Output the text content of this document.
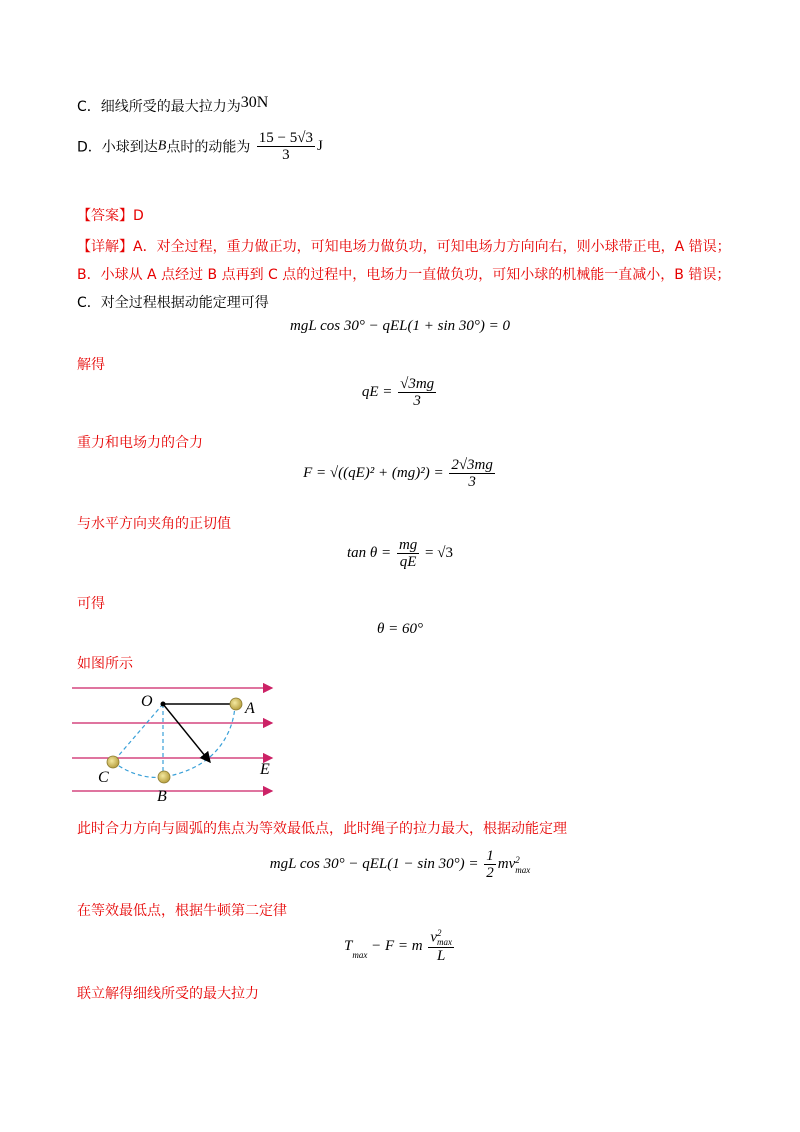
C．细线所受的最大拉力为30N
D．小球到达B点时的动能为 $\frac{15 - 5√3}{3}$ J
【答案】D
【详解】A．对全过程，重力做正功，可知电场力做负功，可知电场力方向向右，则小球带正电，A 错误；
B．小球从 A 点经过 B 点再到 C 点的过程中，电场力一直做负功，可知小球的机械能一直减小，B 错误；
C．对全过程根据动能定理可得
mgL cos 30° − qEL(1 + sin 30°) = 0
解得
qE = $\frac{√3mg}{3}$
重力和电场力的合力
$F = √((qE)^2 + (mg)^2) = \frac{2√3mg}{3}$
与水平方向夹角的正切值
$\tan \theta = \frac{mg}{qE} = √3$
可得
θ = 60°
如图所示
O	A
B
C	E
此时合力方向与圆弧的焦点为等效最低点，此时绳子的拉力最大，根据动能定理
mgL $\cos 30^\circ - qEL(1 - \sin 30^\circ) = \frac{1}{2}$ mv 2
max
在等效最低点，根据牛顿第二定律
$T_{max} - F = m$ v 2
max
L
联立解得细线所受的最大拉力
